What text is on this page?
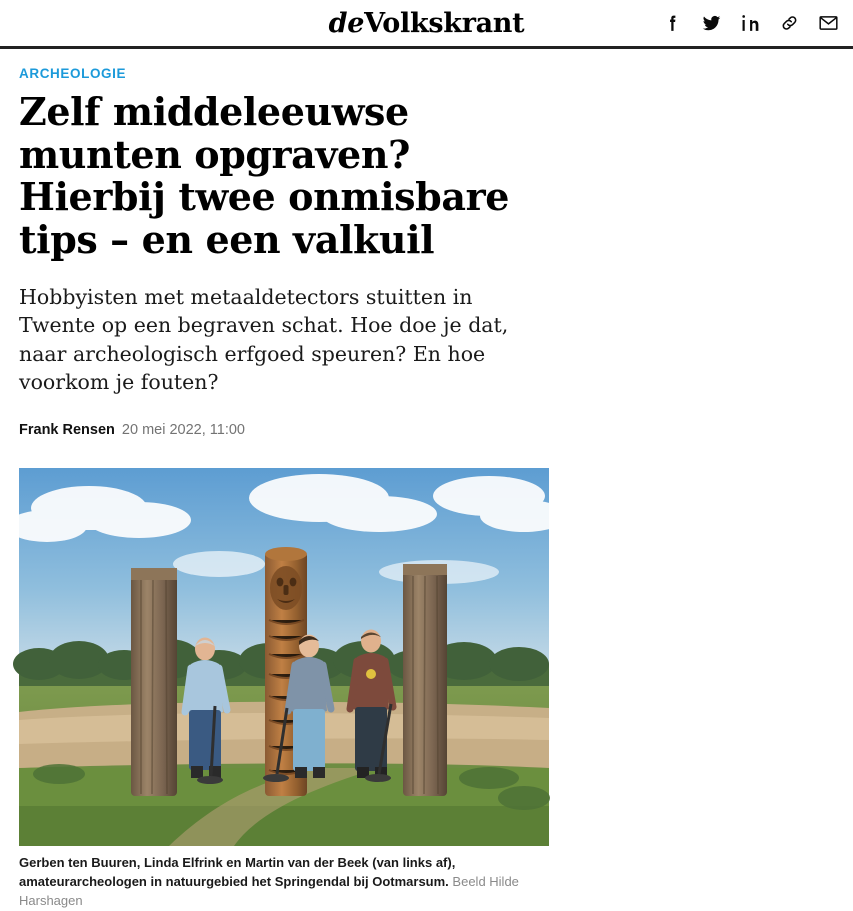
deVolkskrant
ARCHEOLOGIE
Zelf middeleeuwse munten opgraven? Hierbij twee onmisbare tips – en een valkuil

Hobbyisten met metaaldetectors stuitten in Twente op een begraven schat. Hoe doe je dat, naar archeologisch erfgoed speuren? En hoe voorkom je fouten?

Frank Rensen 20 mei 2022, 11:00
Gerben ten Buuren, Linda Elfrink en Martin van der Beek (van links af), amateurarcheologen in natuurgebied het Springendal bij Ootmarsum. Beeld Hilde Harshagen
